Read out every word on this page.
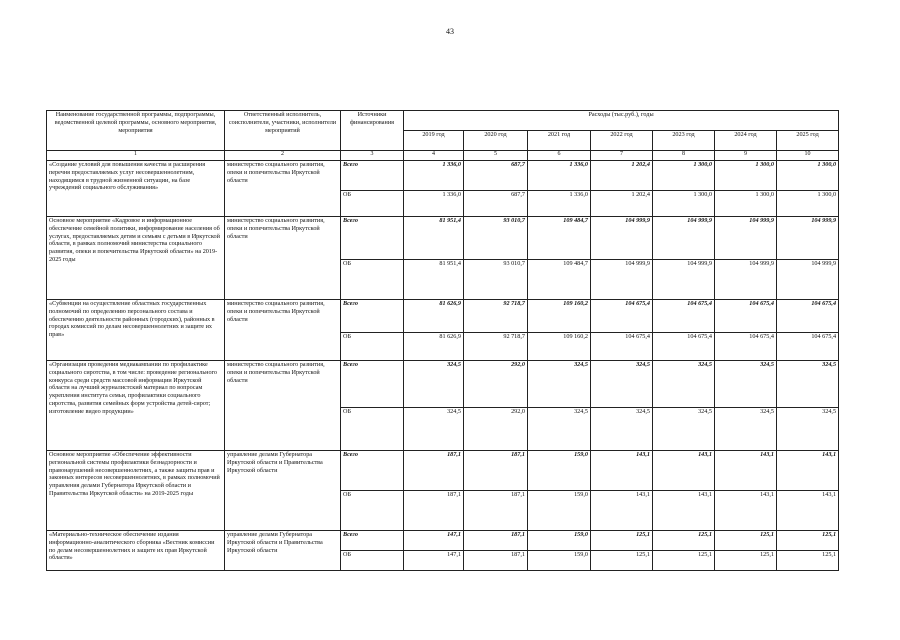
43
Наименование государственной программы, подпрограммы, ведомственной целевой программы, основного мероприятия, мероприятия	Ответственный исполнитель, соисполнители, участники, исполнители мероприятий	Источники финансирования	Расходы (тыс.руб.), годы						
			2019 год	2020 год	2021 год	2022 год	2023 год	2024 год	2025 год
1	2	3	4	5	6	7	8	9	10
«Создание условий для повышения качества и расширения перечня предоставляемых услуг несовершеннолетним, находящимся в трудной жизненной ситуации, на базе учреждений социального обслуживания»	министерство социального развития, опеки и попечительства Иркутской области	Всего	1 336,0	687,7	1 336,0	1 202,4	1 300,0	1 300,0	1 300,0
		ОБ	1 336,0	687,7	1 336,0	1 202,4	1 300,0	1 300,0	1 300,0
Основное мероприятие «Кадровое и информационное обеспечение семейной политики, информирование населения об услугах, предоставляемых детям и семьям с детьми в Иркутской области, в рамках полномочий министерства социального развития, опеки и попечительства Иркутской области» на 2019-2025 годы	министерство социального развития, опеки и попечительства Иркутской области	Всего	81 951,4	93 010,7	109 484,7	104 999,9	104 999,9	104 999,9	104 999,9
		ОБ	81 951,4	93 010,7	109 484,7	104 999,9	104 999,9	104 999,9	104 999,9
«Субвенции на осуществление областных государственных полномочий по определению персонального состава и обеспечению деятельности районных (городских), районных в городах комиссий по делам несовершеннолетних и защите их прав»	министерство социального развития, опеки и попечительства Иркутской области	Всего	81 626,9	92 718,7	109 160,2	104 675,4	104 675,4	104 675,4	104 675,4
		ОБ	81 626,9	92 718,7	109 160,2	104 675,4	104 675,4	104 675,4	104 675,4
«Организация проведения медиакампании по профилактике социального сиротства, в том числе: проведение регионального конкурса среди средств массовой информации Иркутской области на лучший журналистский материал по вопросам укрепления института семьи, профилактики социального сиротства, развития семейных форм устройства детей-сирот; изготовление видео продукции»	министерство социального развития, опеки и попечительства Иркутской области	Всего	324,5	292,0	324,5	324,5	324,5	324,5	324,5
		ОБ	324,5	292,0	324,5	324,5	324,5	324,5	324,5
Основное мероприятие «Обеспечение эффективности региональной системы профилактики безнадзорности и правонарушений несовершеннолетних, а также защиты прав и законных интересов несовершеннолетних, в рамках полномочий управления делами Губернатора Иркутской области и Правительства Иркутской области» на 2019-2025 годы	управление делами Губернатора Иркутской области и Правительства Иркутской области	Всего	187,1	187,1	159,0	143,1	143,1	143,1	143,1
		ОБ	187,1	187,1	159,0	143,1	143,1	143,1	143,1
«Материально-техническое обеспечение издания информационно-аналитического сборника «Вестник комиссии по делам несовершеннолетних и защите их прав Иркутской области»	управление делами Губернатора Иркутской области и Правительства Иркутской области	Всего	147,1	187,1	159,0	125,1	125,1	125,1	125,1
		ОБ	147,1	187,1	159,0	125,1	125,1	125,1	125,1
